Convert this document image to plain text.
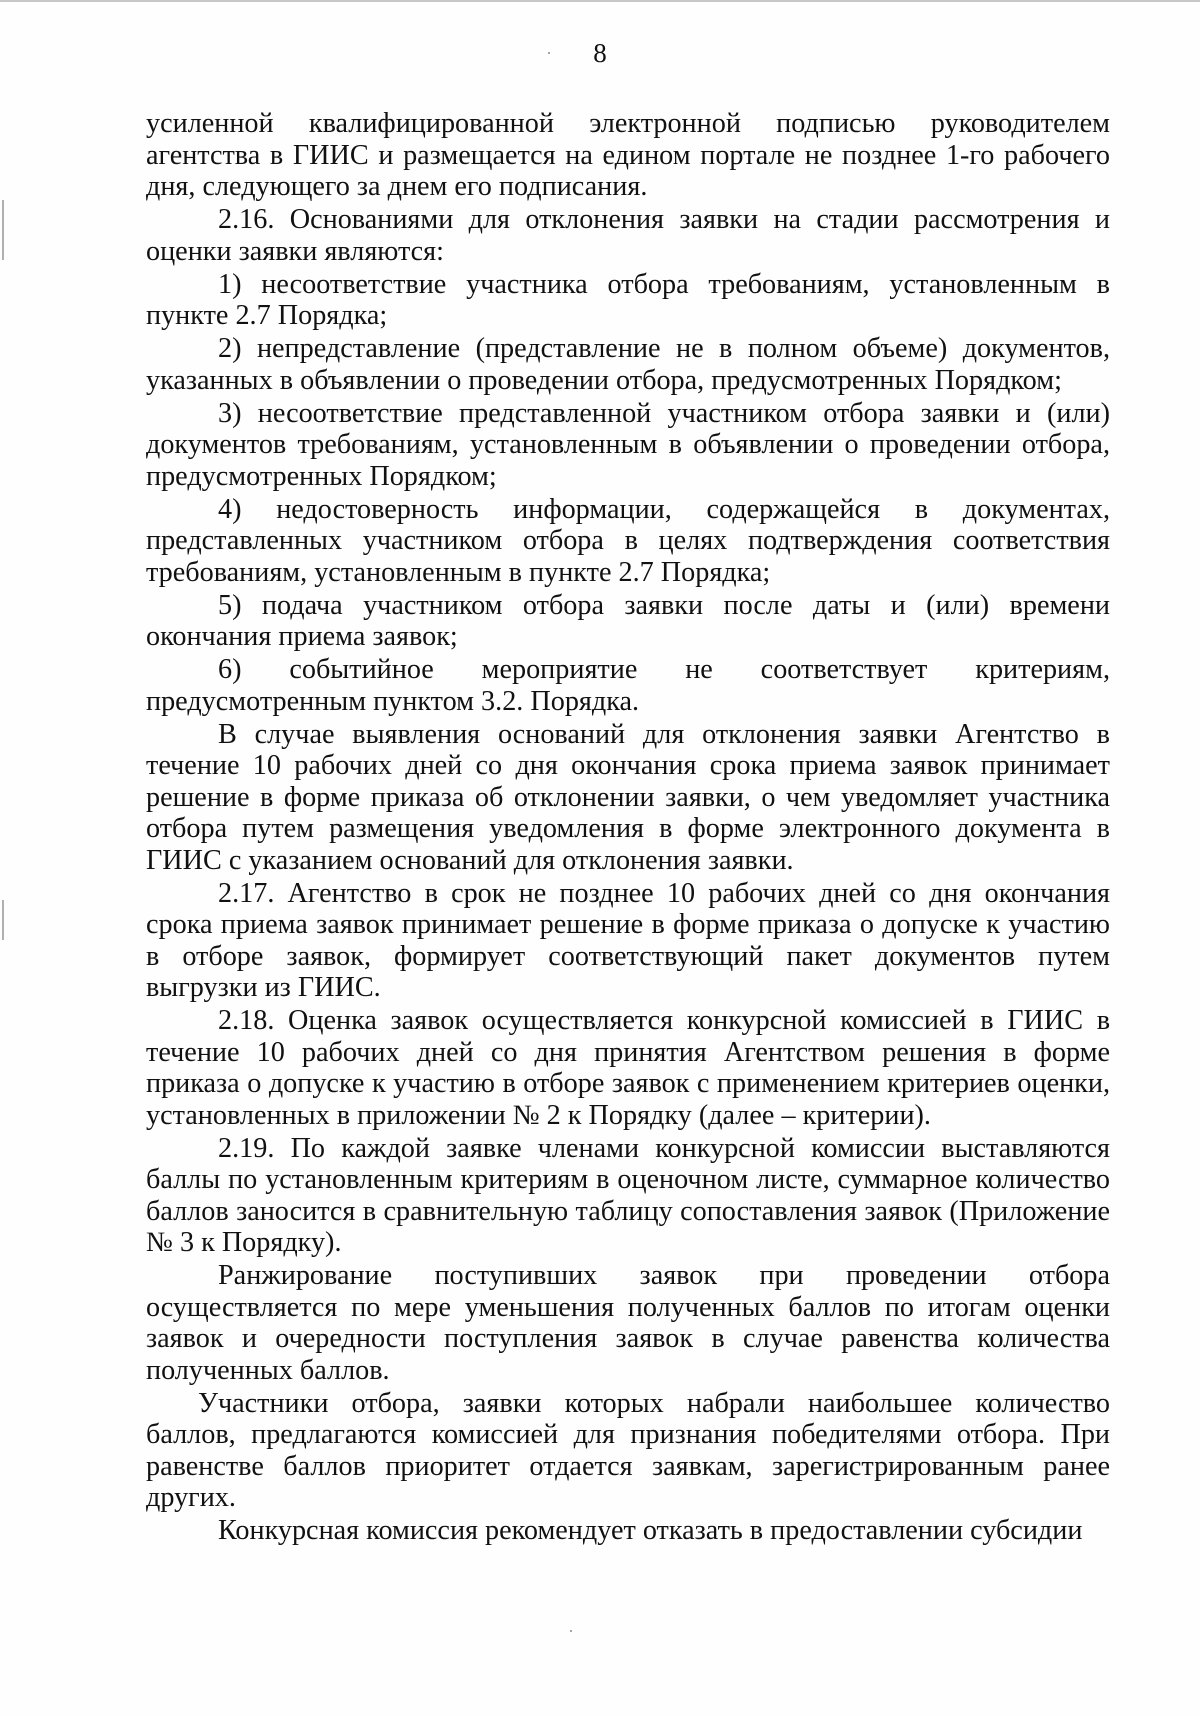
8

усиленной квалифицированной электронной подписью руководителем агентства в ГИИС и размещается на едином портале не позднее 1-го рабочего дня, следующего за днем его подписания.

2.16. Основаниями для отклонения заявки на стадии рассмотрения и оценки заявки являются:

1) несоответствие участника отбора требованиям, установленным в пункте 2.7 Порядка;

2) непредставление (представление не в полном объеме) документов, указанных в объявлении о проведении отбора, предусмотренных Порядком;

3) несоответствие представленной участником отбора заявки и (или) документов требованиям, установленным в объявлении о проведении отбора, предусмотренных Порядком;

4) недостоверность информации, содержащейся в документах, представленных участником отбора в целях подтверждения соответствия требованиям, установленным в пункте 2.7 Порядка;

5) подача участником отбора заявки после даты и (или) времени окончания приема заявок;

6) событийное мероприятие не соответствует критериям, предусмотренным пунктом 3.2. Порядка.

В случае выявления оснований для отклонения заявки Агентство в течение 10 рабочих дней со дня окончания срока приема заявок принимает решение в форме приказа об отклонении заявки, о чем уведомляет участника отбора путем размещения уведомления в форме электронного документа в ГИИС с указанием оснований для отклонения заявки.

2.17. Агентство в срок не позднее 10 рабочих дней со дня окончания срока приема заявок принимает решение в форме приказа о допуске к участию в отборе заявок, формирует соответствующий пакет документов путем выгрузки из ГИИС.

2.18. Оценка заявок осуществляется конкурсной комиссией в ГИИС в течение 10 рабочих дней со дня принятия Агентством решения в форме приказа о допуске к участию в отборе заявок с применением критериев оценки, установленных в приложении № 2 к Порядку (далее – критерии).

2.19. По каждой заявке членами конкурсной комиссии выставляются баллы по установленным критериям в оценочном листе, суммарное количество баллов заносится в сравнительную таблицу сопоставления заявок (Приложение № 3 к Порядку).

Ранжирование поступивших заявок при проведении отбора осуществляется по мере уменьшения полученных баллов по итогам оценки заявок и очередности поступления заявок в случае равенства количества полученных баллов.

Участники отбора, заявки которых набрали наибольшее количество баллов, предлагаются комиссией для признания победителями отбора. При равенстве баллов приоритет отдается заявкам, зарегистрированным ранее других.

Конкурсная комиссия рекомендует отказать в предоставлении субсидии
